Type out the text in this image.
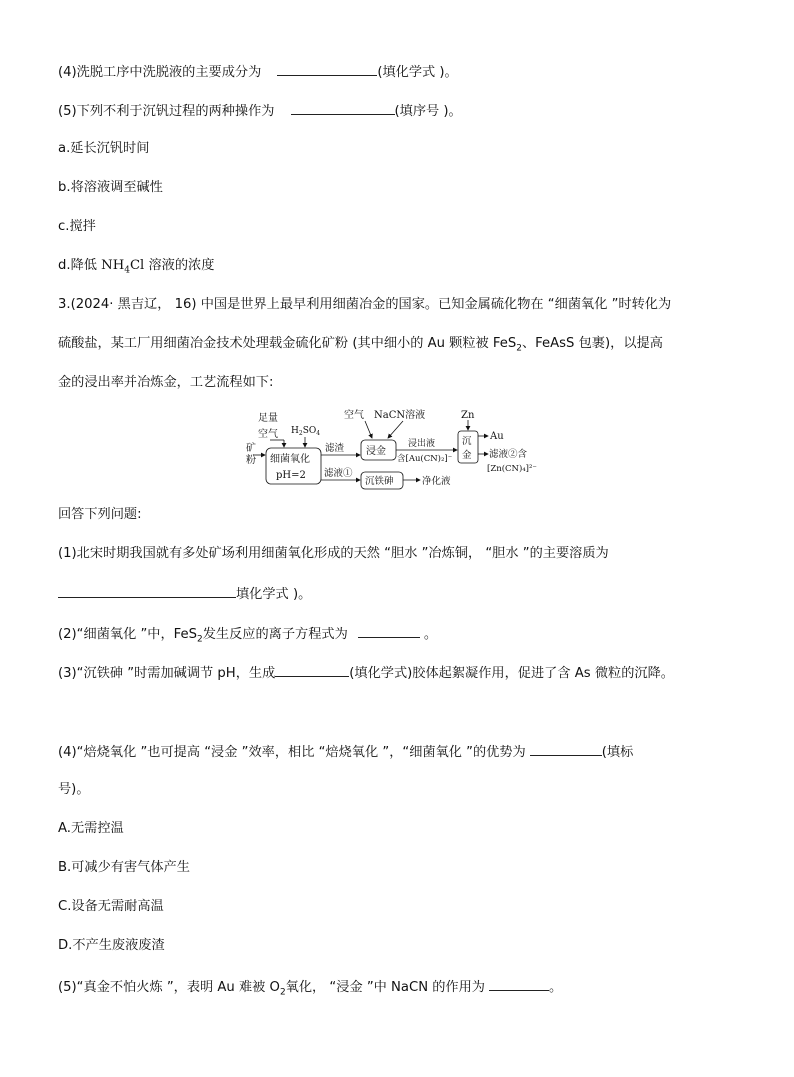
(4)洗脱工序中洗脱液的主要成分为	(填化学式 )。
(5)下列不利于沉钒过程的两种操作为	(填序号 )。
a.延长沉钒时间
b.将溶液调至碱性
c.搅拌
d.降低 $NH_4Cl$ 溶液的浓度
3.(2024· 黑吉辽， 16) 中国是世界上最早利用细菌冶金的国家。已知金属硫化物在 “细菌氧化 ”时转化为
硫酸盐，某工厂用细菌冶金技术处理载金硫化矿粉 (其中细小的 Au 颗粒被 FeS$_2$、FeAsS 包裹)，以提高
金的浸出率并冶炼金，工艺流程如下:
矿
粉
足量
空气 $H_2SO_4$
细菌氧化
pH=2
滤渣
滤液①
空气 NaCN溶液
浸金
浸出液
含[Au(CN)₂]⁻
Zn
沉
金
Au
滤液②含
[Zn(CN)₄]²⁻
沉铁砷	净化液
回答下列问题:
(1)北宋时期我国就有多处矿场利用细菌氧化形成的天然 “胆水 ”冶炼铜， “胆水 ”的主要溶质为
填化学式 )。
(2)“细菌氧化 ”中，FeS$_2$发生反应的离子方程式为	。
(3)“沉铁砷 ”时需加碱调节 pH，生成	(填化学式)胶体起絮凝作用，促进了含 As 微粒的沉降。
(4)“焙烧氧化 ”也可提高 “浸金 ”效率，相比 “焙烧氧化 ”，“细菌氧化 ”的优势为	(填标
号)。
A.无需控温
B.可减少有害气体产生
C.设备无需耐高温
D.不产生废液废渣
(5)“真金不怕火炼 ”，表明 Au 难被 $O_2$氧化， “浸金 ”中 NaCN 的作用为	。
